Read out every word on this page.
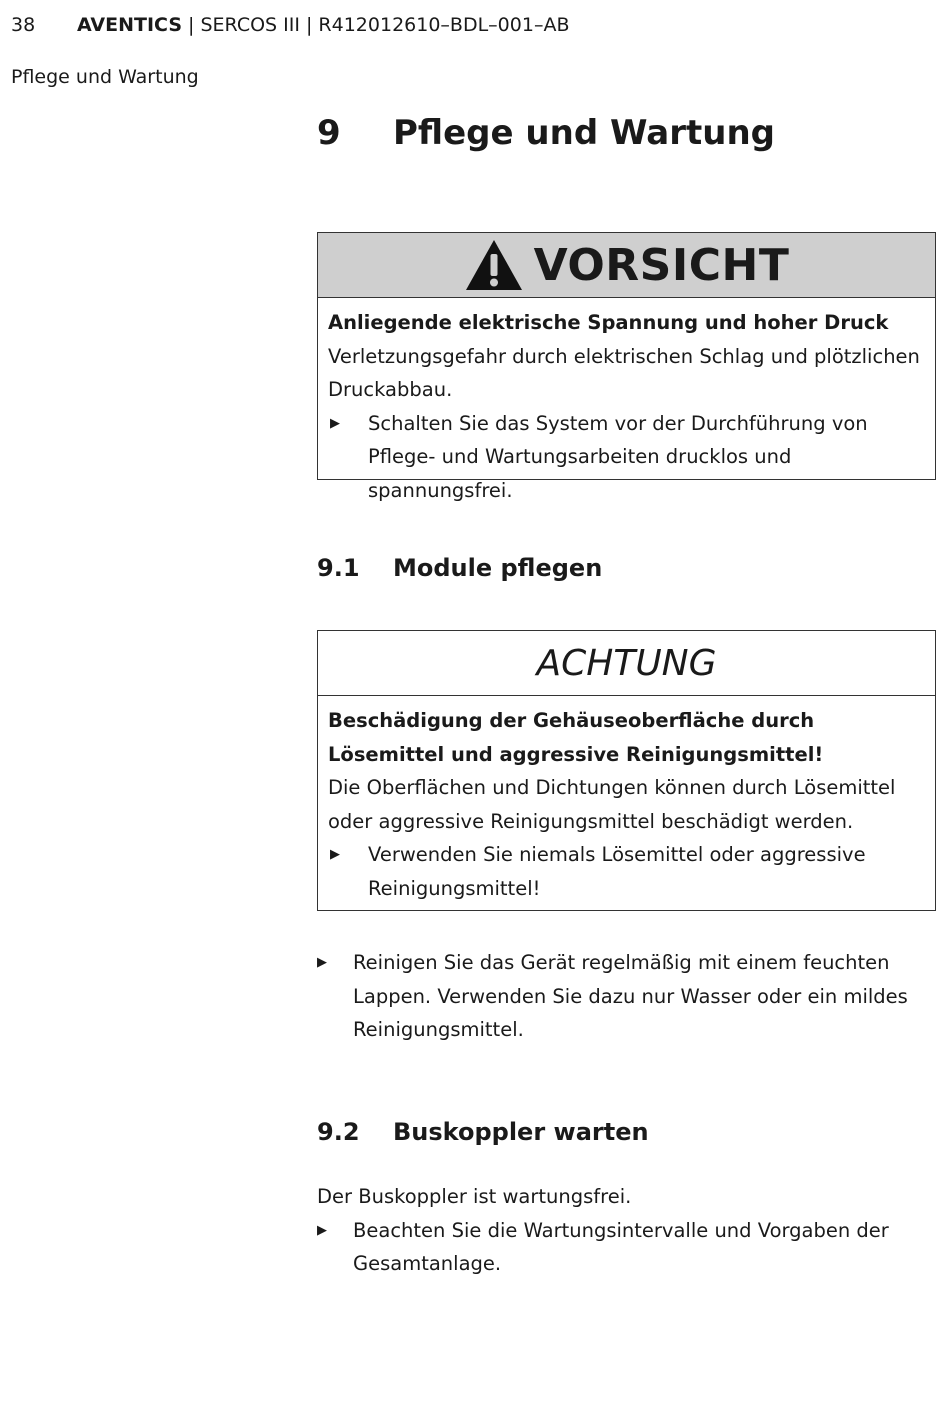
38 AVENTICS | SERCOS III | R412012610–BDL–001–AB
Pflege und Wartung
9 Pflege und Wartung
VORSICHT
Anliegende elektrische Spannung und hoher Druck
Verletzungsgefahr durch elektrischen Schlag und plötzlichen Druckabbau.
▶ Schalten Sie das System vor der Durchführung von Pflege- und Wartungsarbeiten drucklos und spannungsfrei.
9.1 Module pflegen
ACHTUNG
Beschädigung der Gehäuseoberfläche durch Lösemittel und aggressive Reinigungsmittel!
Die Oberflächen und Dichtungen können durch Lösemittel oder aggressive Reinigungsmittel beschädigt werden.
▶ Verwenden Sie niemals Lösemittel oder aggressive Reinigungsmittel!
▶ Reinigen Sie das Gerät regelmäßig mit einem feuchten Lappen. Verwenden Sie dazu nur Wasser oder ein mildes Reinigungsmittel.
9.2 Buskoppler warten
Der Buskoppler ist wartungsfrei.
▶ Beachten Sie die Wartungsintervalle und Vorgaben der Gesamtanlage.
